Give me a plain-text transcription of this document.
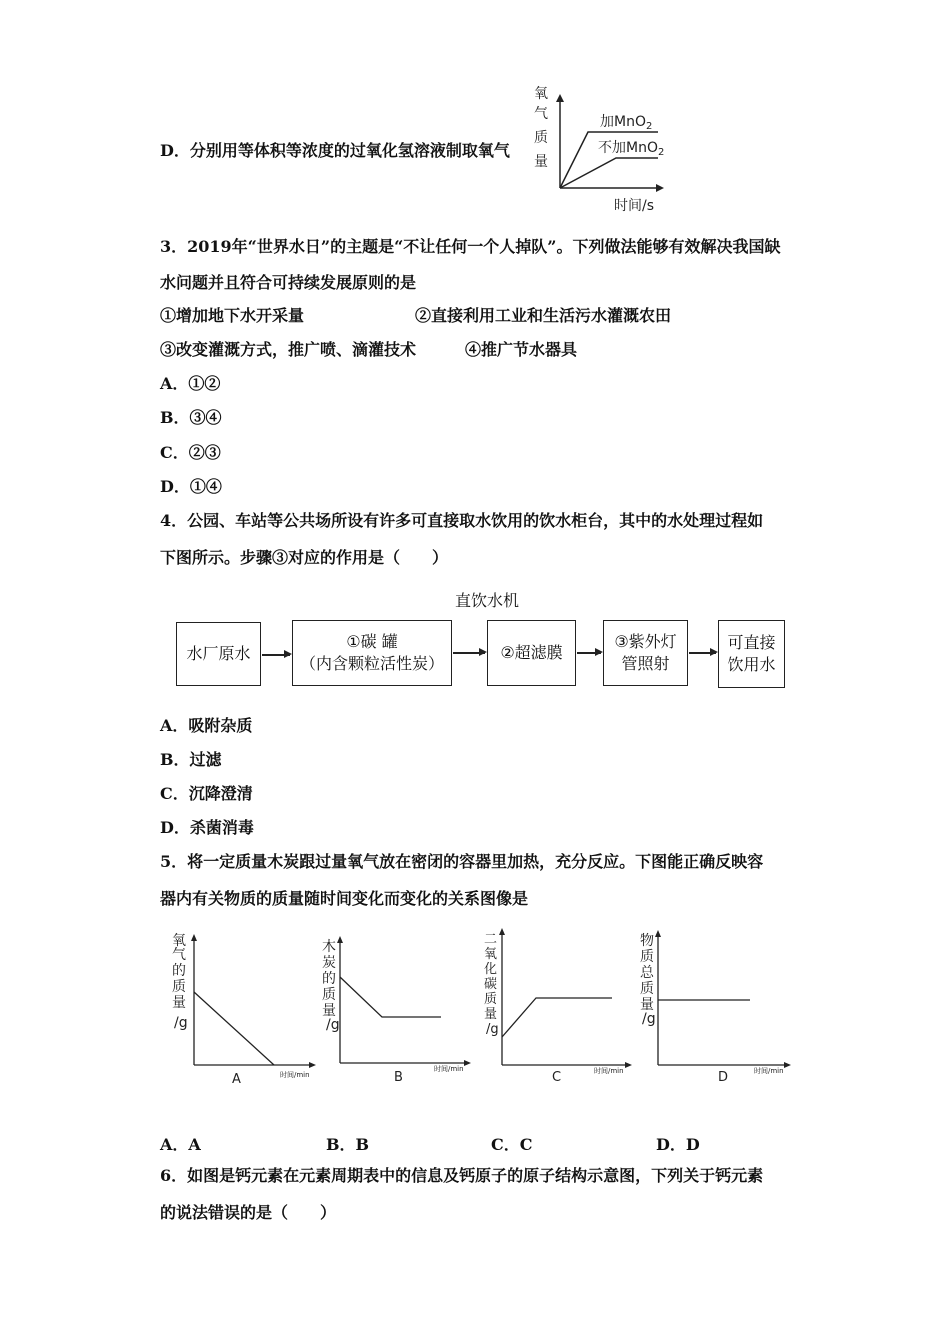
D．分别用等体积等浓度的过氧化氢溶液制取氧气
氧
气
质
量
加MnO$_2$
不加MnO$_2$
时间/s
3．2019年“世界水日”的主题是“不让任何一个人掉队”。下列做法能够有效解决我国缺
水问题并且符合可持续发展原则的是
①增加地下水开采量	②直接利用工业和生活污水灌溉农田
③改变灌溉方式，推广喷、滴灌技术	④推广节水器具
A．①②
B．③④
C．②③
D．①④
4．公园、车站等公共场所设有许多可直接取水饮用的饮水柜台，其中的水处理过程如
下图所示。步骤③对应的作用是（　　）
直饮水机
水厂原水
①碳 罐
（内含颗粒活性炭）
②超滤膜
③紫外灯
管照射
可直接
饮用水
A．吸附杂质
B．过滤
C．沉降澄清
D．杀菌消毒
5．将一定质量木炭跟过量氧气放在密闭的容器里加热，充分反应。下图能正确反映容
器内有关物质的质量随时间变化而变化的关系图像是
氧
气
的
质
量
/g
时间/min
A
木
炭
的
质
量
/g
时间/min
B
二
氧
化
碳
质
量
/g
时间/min
C
物
质
总
质
量
/g
时间/min
D
A．A	B．B	C．C	D．D
6．如图是钙元素在元素周期表中的信息及钙原子的原子结构示意图，下列关于钙元素
的说法错误的是（　　）
